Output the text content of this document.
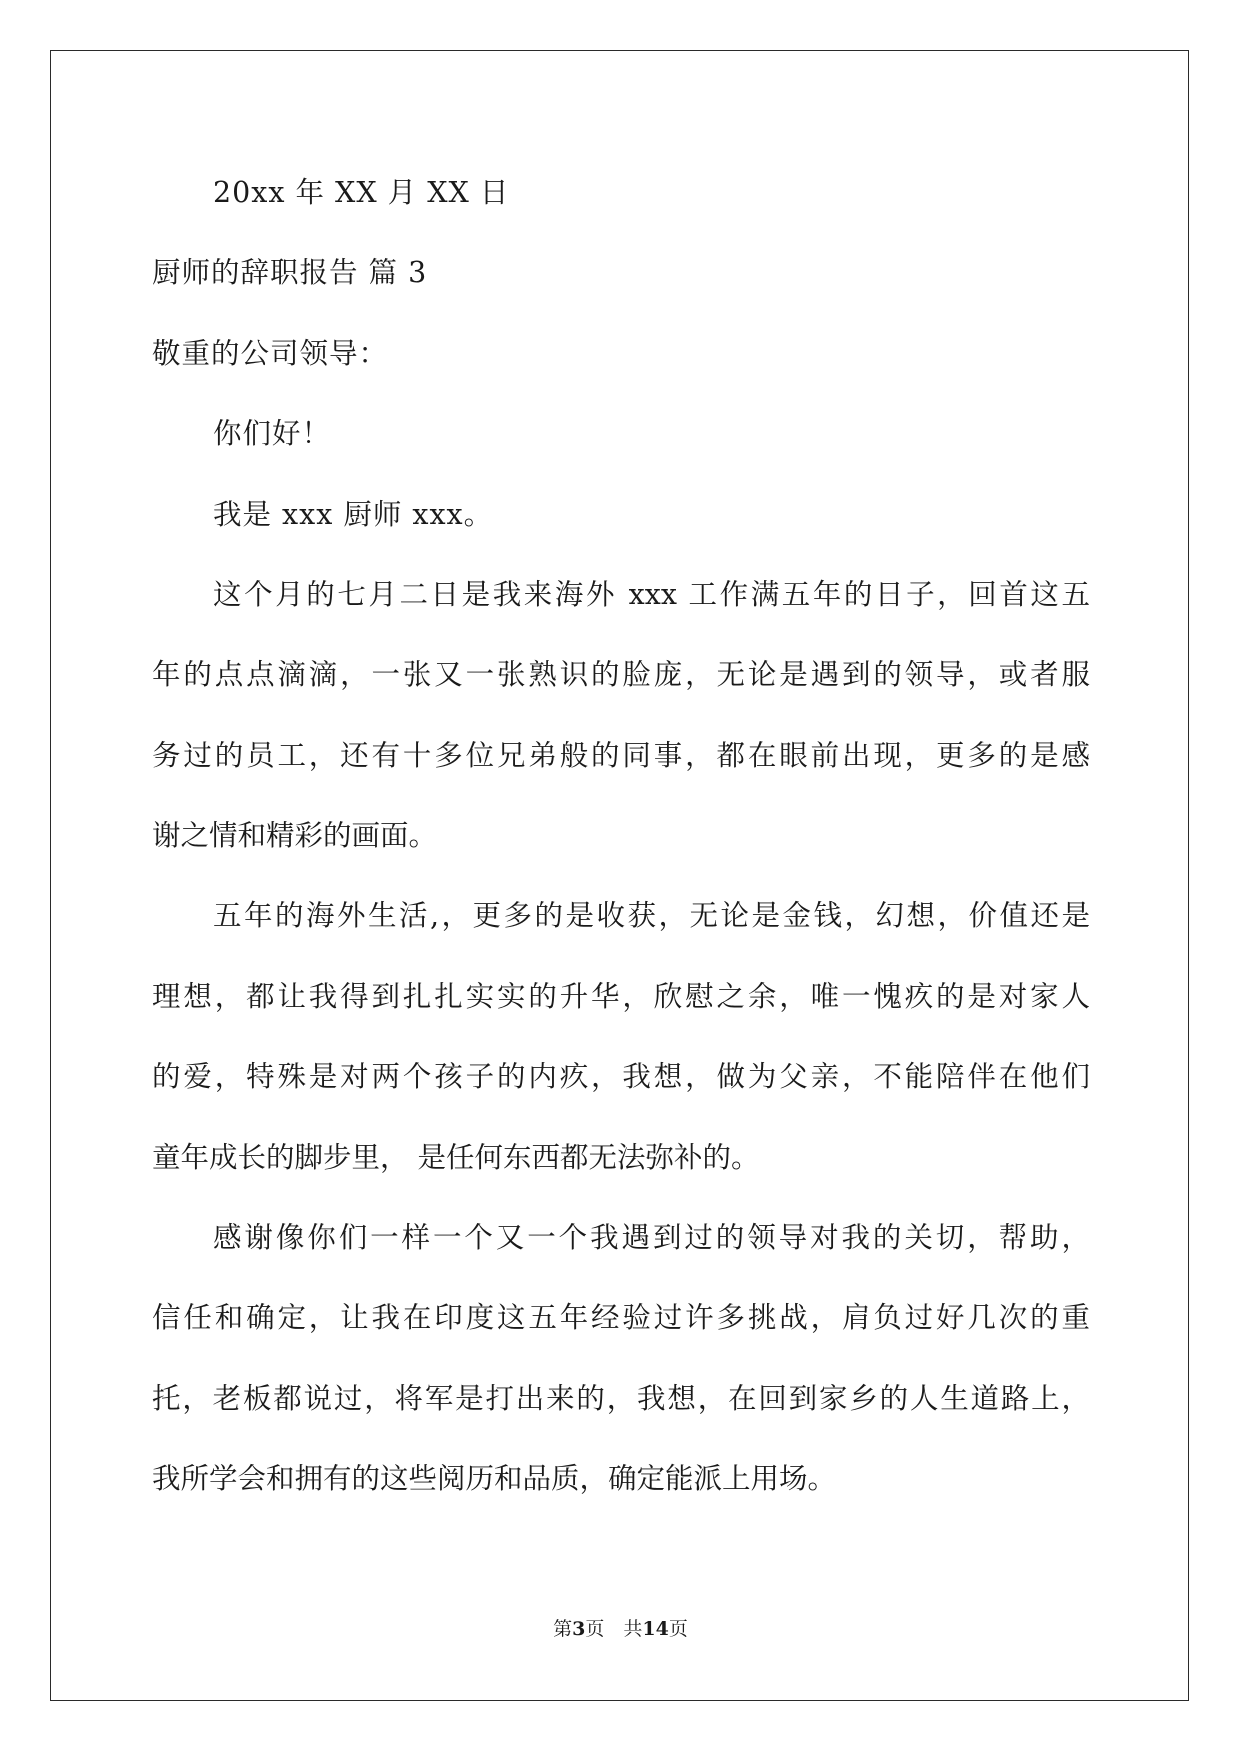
20xx 年 XX 月 XX 日
厨师的辞职报告 篇 3
敬重的公司领导：
你们好！
我是 xxx 厨师 xxx。
这个月的七月二日是我来海外 xxx 工作满五年的日子，回首这五
年的点点滴滴，一张又一张熟识的脸庞，无论是遇到的领导，或者服
务过的员工，还有十多位兄弟般的同事，都在眼前出现，更多的是感
谢之情和精彩的画面。
五年的海外生活,，更多的是收获，无论是金钱，幻想，价值还是
理想，都让我得到扎扎实实的升华，欣慰之余，唯一愧疚的是对家人
的爱，特殊是对两个孩子的内疚，我想，做为父亲，不能陪伴在他们
童年成长的脚步里， 是任何东西都无法弥补的。
感谢像你们一样一个又一个我遇到过的领导对我的关切，帮助，
信任和确定，让我在印度这五年经验过许多挑战，肩负过好几次的重
托，老板都说过，将军是打出来的，我想，在回到家乡的人生道路上，
我所学会和拥有的这些阅历和品质，确定能派上用场。
第3页　共14页
